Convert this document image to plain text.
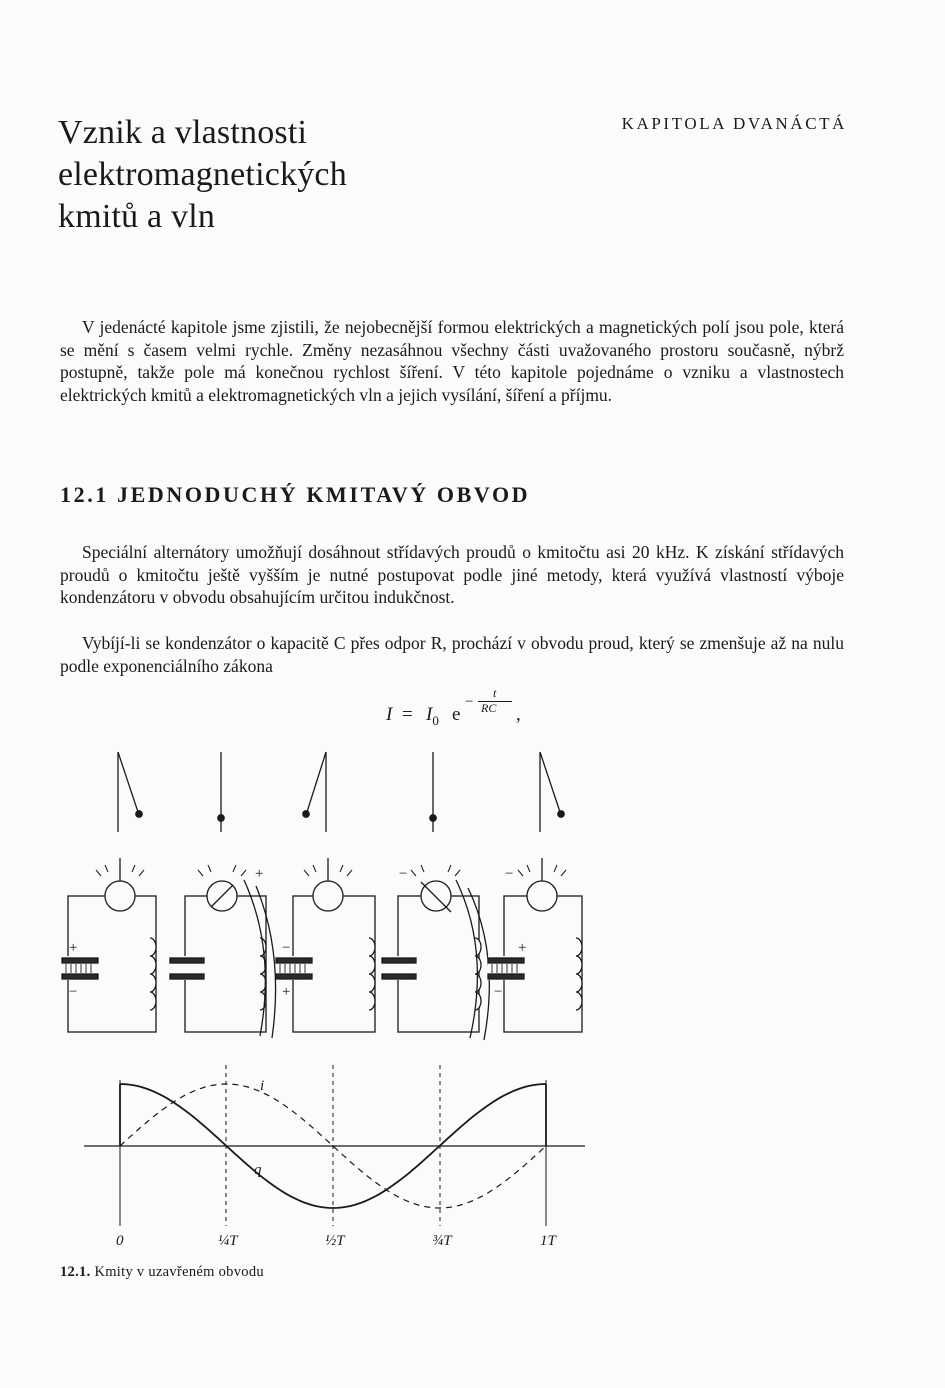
Vznik a vlastnosti
elektromagnetických
kmitů a vln
KAPITOLA DVANÁCTÁ

V jedenácté kapitole jsme zjistili, že nejobecnější formou elektrických a magnetických polí jsou pole, která se mění s časem velmi rychle. Změny nezasáhnou všechny části uvažovaného prostoru současně, nýbrž postupně, takže pole má konečnou rychlost šíření. V této kapitole pojednáme o vzniku a vlastnostech elektrických kmitů a elektromagnetických vln a jejich vysílání, šíření a příjmu.

12.1 JEDNODUCHÝ KMITAVÝ OBVOD

Speciální alternátory umožňují dosáhnout střídavých proudů o kmitočtu asi 20 kHz. K získání střídavých proudů o kmitočtu ještě vyšším je nutné postupovat podle jiné metody, která využívá vlastností výboje kondenzátoru v obvodu obsahujícím určitou indukčnost.

Vybíjí-li se kondenzátor o kapacitě C přes odpor R, prochází v obvodu proud, který se zmenšuje až na nulu podle exponenciálního zákona

$I = I_0$ e
−
t
RC ,
+
−
−
+
+
−
+	−	−
i
q
0	¼T	½T	¾T	1T
12.1. Kmity v uzavřeném obvodu
